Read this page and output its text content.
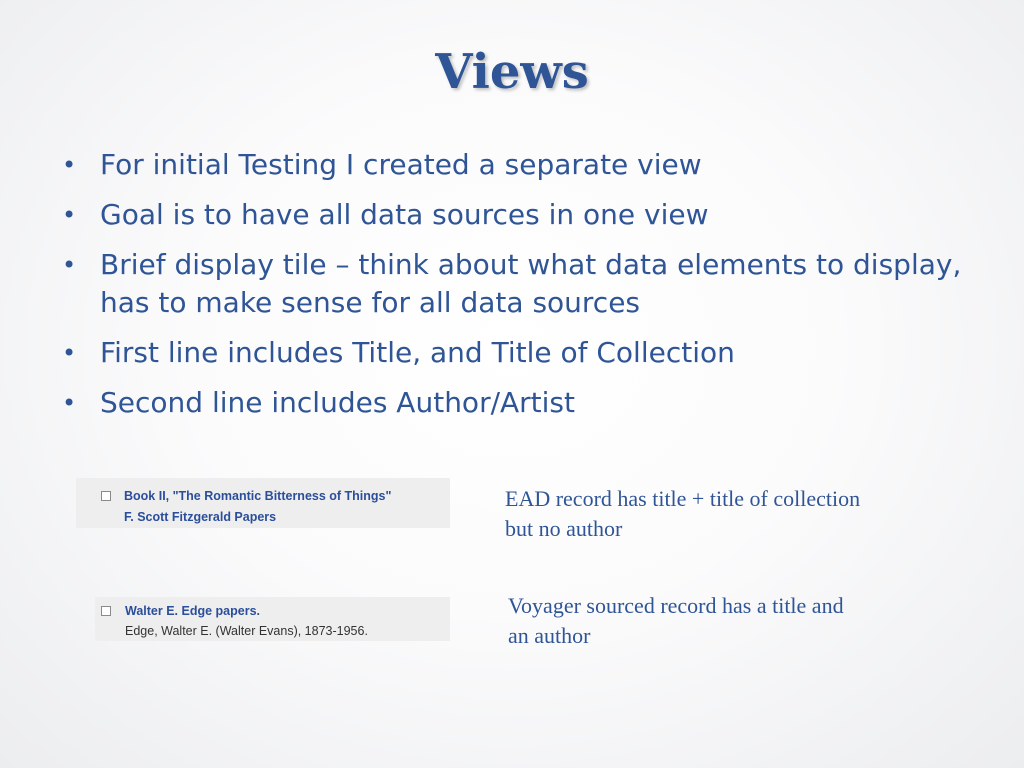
Views
• For initial Testing I created a separate view
• Goal is to have all data sources in one view
• Brief display tile – think about what data elements to display, has to make sense for all data sources
• First line includes Title, and Title of Collection
• Second line includes Author/Artist
Book II, "The Romantic Bitterness of Things"
F. Scott Fitzgerald Papers
EAD record has title + title of collection but no author
Walter E. Edge papers.
Edge, Walter E. (Walter Evans), 1873-1956.
Voyager sourced record has a title and an author
